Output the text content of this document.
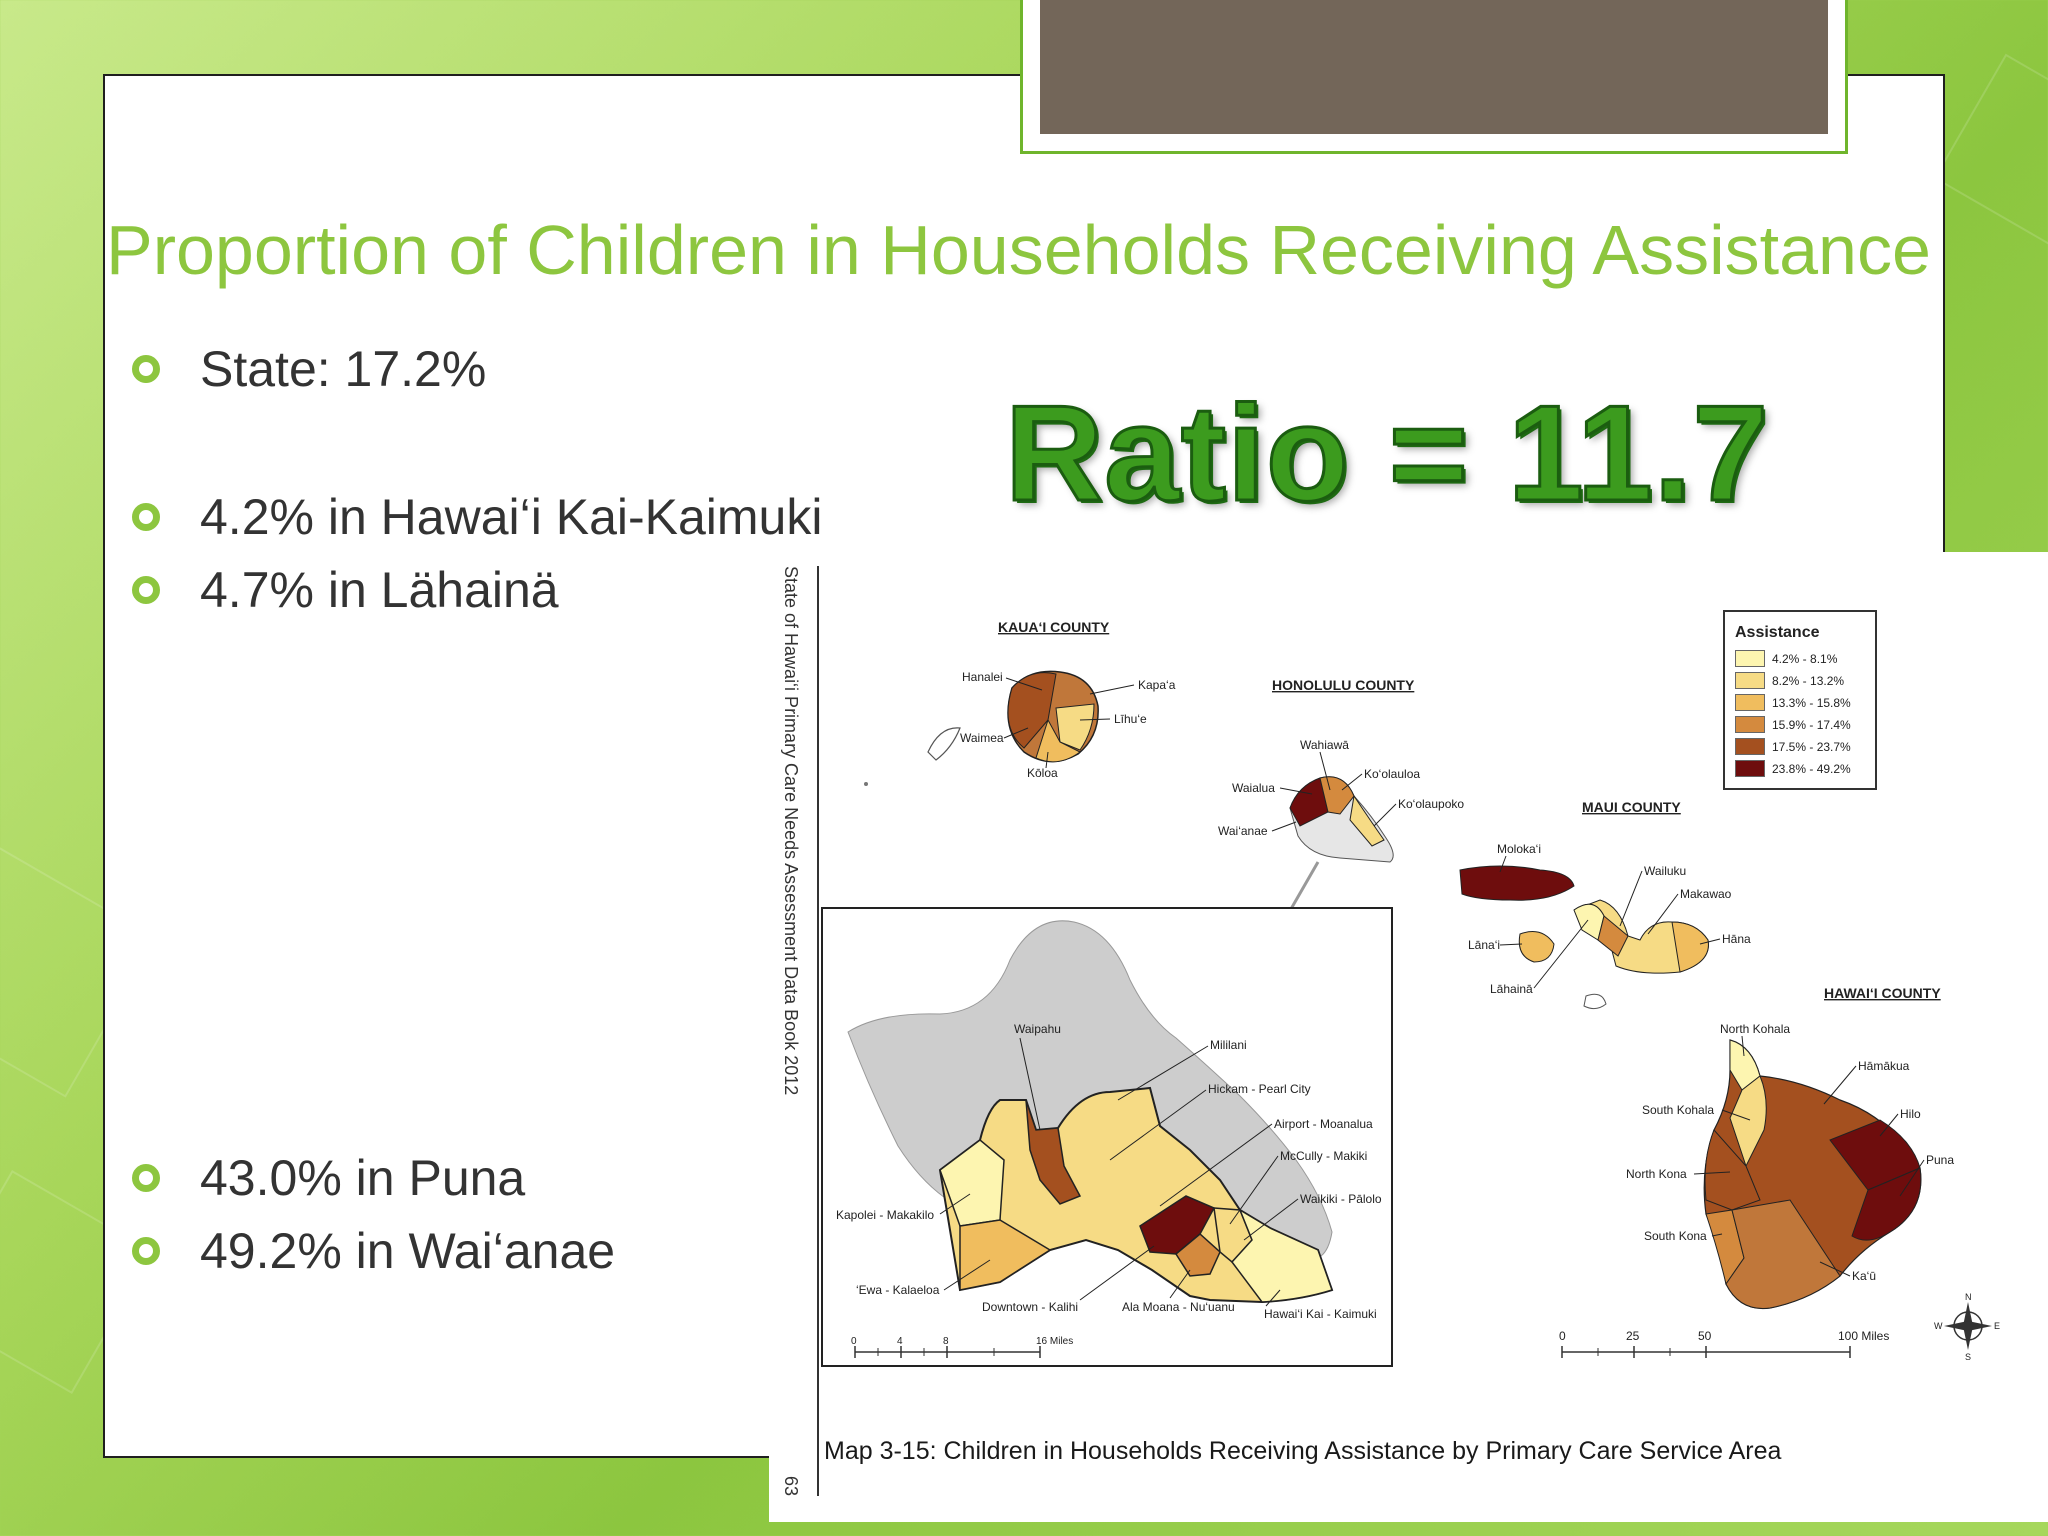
Proportion of Children in Households Receiving Assistance
State: 17.2%
4.2% in Hawai‘i Kai-Kaimuki
4.7% in Lähainä
43.0% in Puna
49.2% in Wai‘anae
Ratio = 11.7
State of Hawai‘i Primary Care Needs Assessment Data Book 2012
63
KAUA‘I COUNTY
Hanalei
Kapa‘a
Līhu‘e
Waimea
Kōloa
HONOLULU COUNTY
Wahiawā
Waialua
Ko‘olauloa
Ko‘olaupoko
Wai‘anae
MAUI COUNTY
Moloka‘i
Wailuku
Makawao
Lāna‘i	Hāna
Lāhainā	HAWAI‘I COUNTY
North Kohala
Hāmākua
South Kohala	Hilo
North Kona
Puna
South Kona
Ka‘ū
0	25	50	100 Miles
N
E
S
W
Waipahu
Mililani
Hickam - Pearl City
Airport - Moanalua
McCully - Makiki
Waikiki - Pālolo
Kapolei - Makakilo
‘Ewa - Kalaeloa
Downtown - Kalihi	Ala Moana - Nu‘uanu Hawai‘i Kai - Kaimuki
0	4	8	16 Miles
Assistance
4.2% - 8.1%
8.2% - 13.2%
13.3% - 15.8%
15.9% - 17.4%
17.5% - 23.7%
23.8% - 49.2%
Map 3-15: Children in Households Receiving Assistance by Primary Care Service Area
